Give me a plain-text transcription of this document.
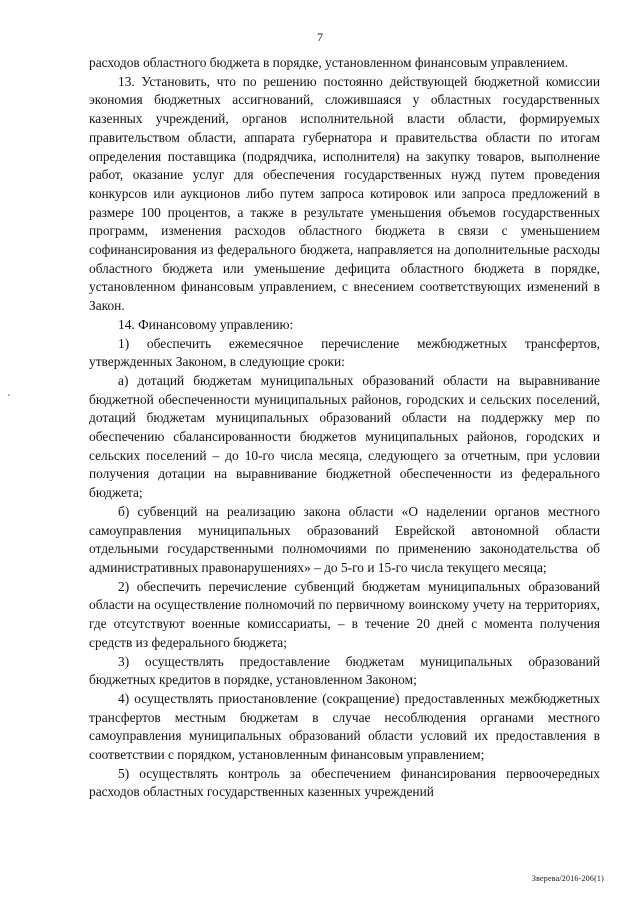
7

расходов областного бюджета в порядке, установленном финансовым управлением.

13. Установить, что по решению постоянно действующей бюджетной комиссии экономия бюджетных ассигнований, сложившаяся у областных государственных казенных учреждений, органов исполнительной власти области, формируемых правительством области, аппарата губернатора и правительства области по итогам определения поставщика (подрядчика, исполнителя) на закупку товаров, выполнение работ, оказание услуг для обеспечения государственных нужд путем проведения конкурсов или аукционов либо путем запроса котировок или запроса предложений в размере 100 процентов, а также в результате уменьшения объемов государственных программ, изменения расходов областного бюджета в связи с уменьшением софинансирования из федерального бюджета, направляется на дополнительные расходы областного бюджета или уменьшение дефицита областного бюджета в порядке, установленном финансовым управлением, с внесением соответствующих изменений в Закон.

14. Финансовому управлению:

1) обеспечить ежемесячное перечисление межбюджетных трансфертов, утвержденных Законом, в следующие сроки:

а) дотаций бюджетам муниципальных образований области на выравнивание бюджетной обеспеченности муниципальных районов, городских и сельских поселений, дотаций бюджетам муниципальных образований области на поддержку мер по обеспечению сбалансированности бюджетов муниципальных районов, городских и сельских поселений – до 10-го числа месяца, следующего за отчетным, при условии получения дотации на выравнивание бюджетной обеспеченности из федерального бюджета;

б) субвенций на реализацию закона области «О наделении органов местного самоуправления муниципальных образований Еврейской автономной области отдельными государственными полномочиями по применению законодательства об административных правонарушениях» – до 5-го и 15-го числа текущего месяца;

2) обеспечить перечисление субвенций бюджетам муниципальных образований области на осуществление полномочий по первичному воинскому учету на территориях, где отсутствуют военные комиссариаты, – в течение 20 дней с момента получения средств из федерального бюджета;

3) осуществлять предоставление бюджетам муниципальных образований бюджетных кредитов в порядке, установленном Законом;

4) осуществлять приостановление (сокращение) предоставленных межбюджетных трансфертов местным бюджетам в случае несоблюдения органами местного самоуправления муниципальных образований области условий их предоставления в соответствии с порядком, установленным финансовым управлением;

5) осуществлять контроль за обеспечением финансирования первоочередных расходов областных государственных казенных учреждений

Зверева/2016-206(1)
